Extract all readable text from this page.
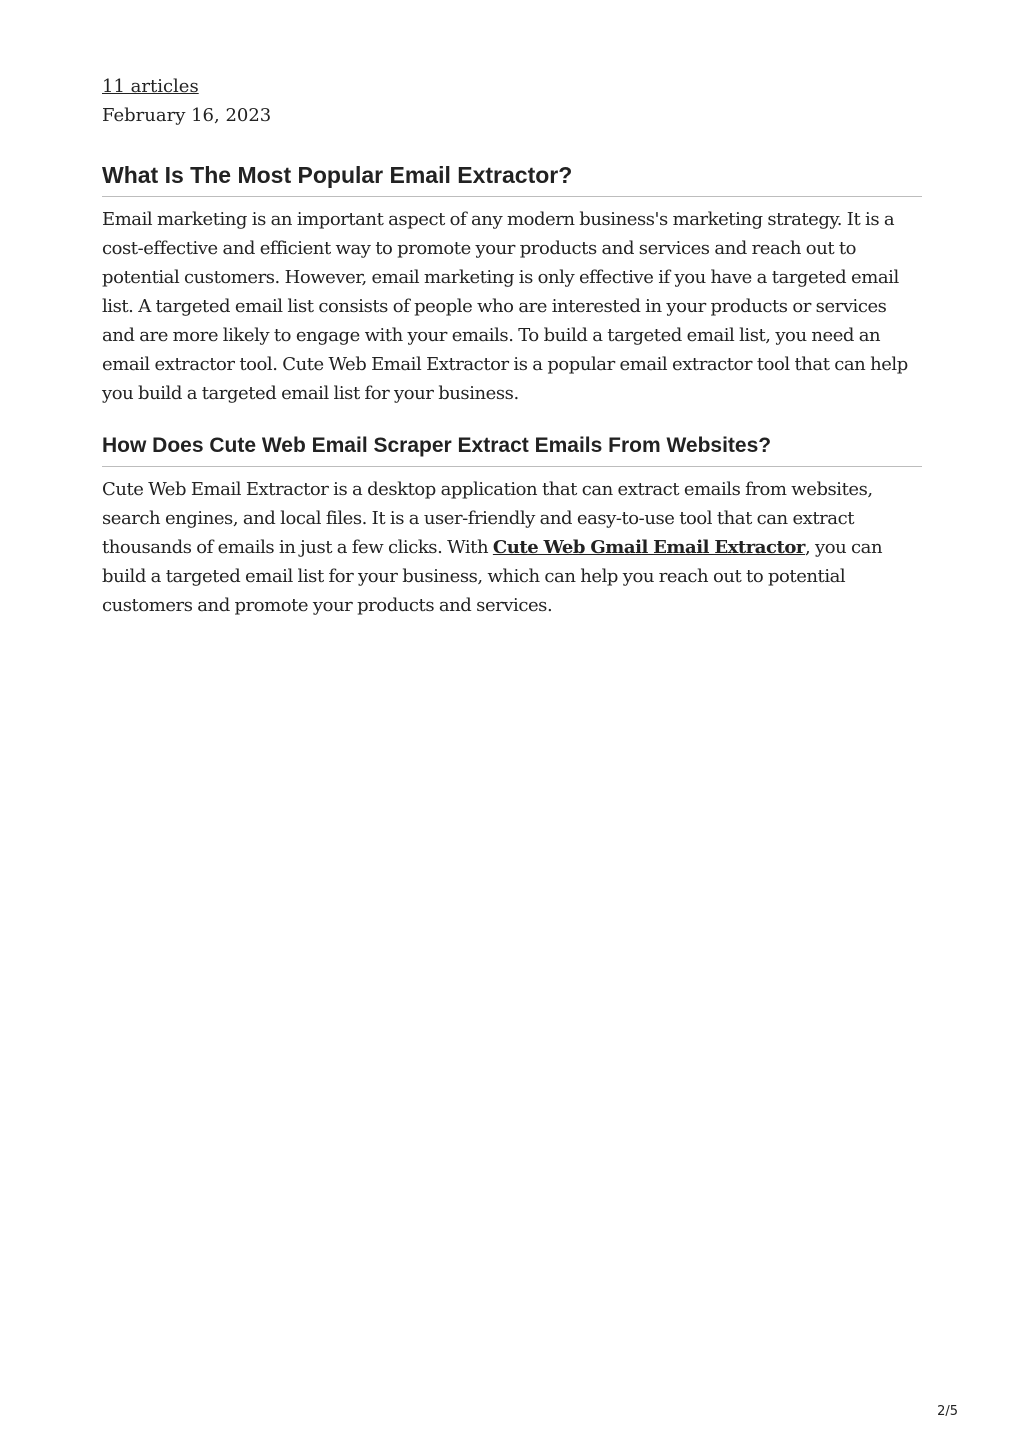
11 articles
February 16, 2023
What Is The Most Popular Email Extractor?

Email marketing is an important aspect of any modern business's marketing strategy. It is a cost-effective and efficient way to promote your products and services and reach out to potential customers. However, email marketing is only effective if you have a targeted email list. A targeted email list consists of people who are interested in your products or services and are more likely to engage with your emails. To build a targeted email list, you need an email extractor tool. Cute Web Email Extractor is a popular email extractor tool that can help you build a targeted email list for your business.

How Does Cute Web Email Scraper Extract Emails From Websites?

Cute Web Email Extractor is a desktop application that can extract emails from websites, search engines, and local files. It is a user-friendly and easy-to-use tool that can extract thousands of emails in just a few clicks. With Cute Web Gmail Email Extractor, you can build a targeted email list for your business, which can help you reach out to potential customers and promote your products and services.

2/5
